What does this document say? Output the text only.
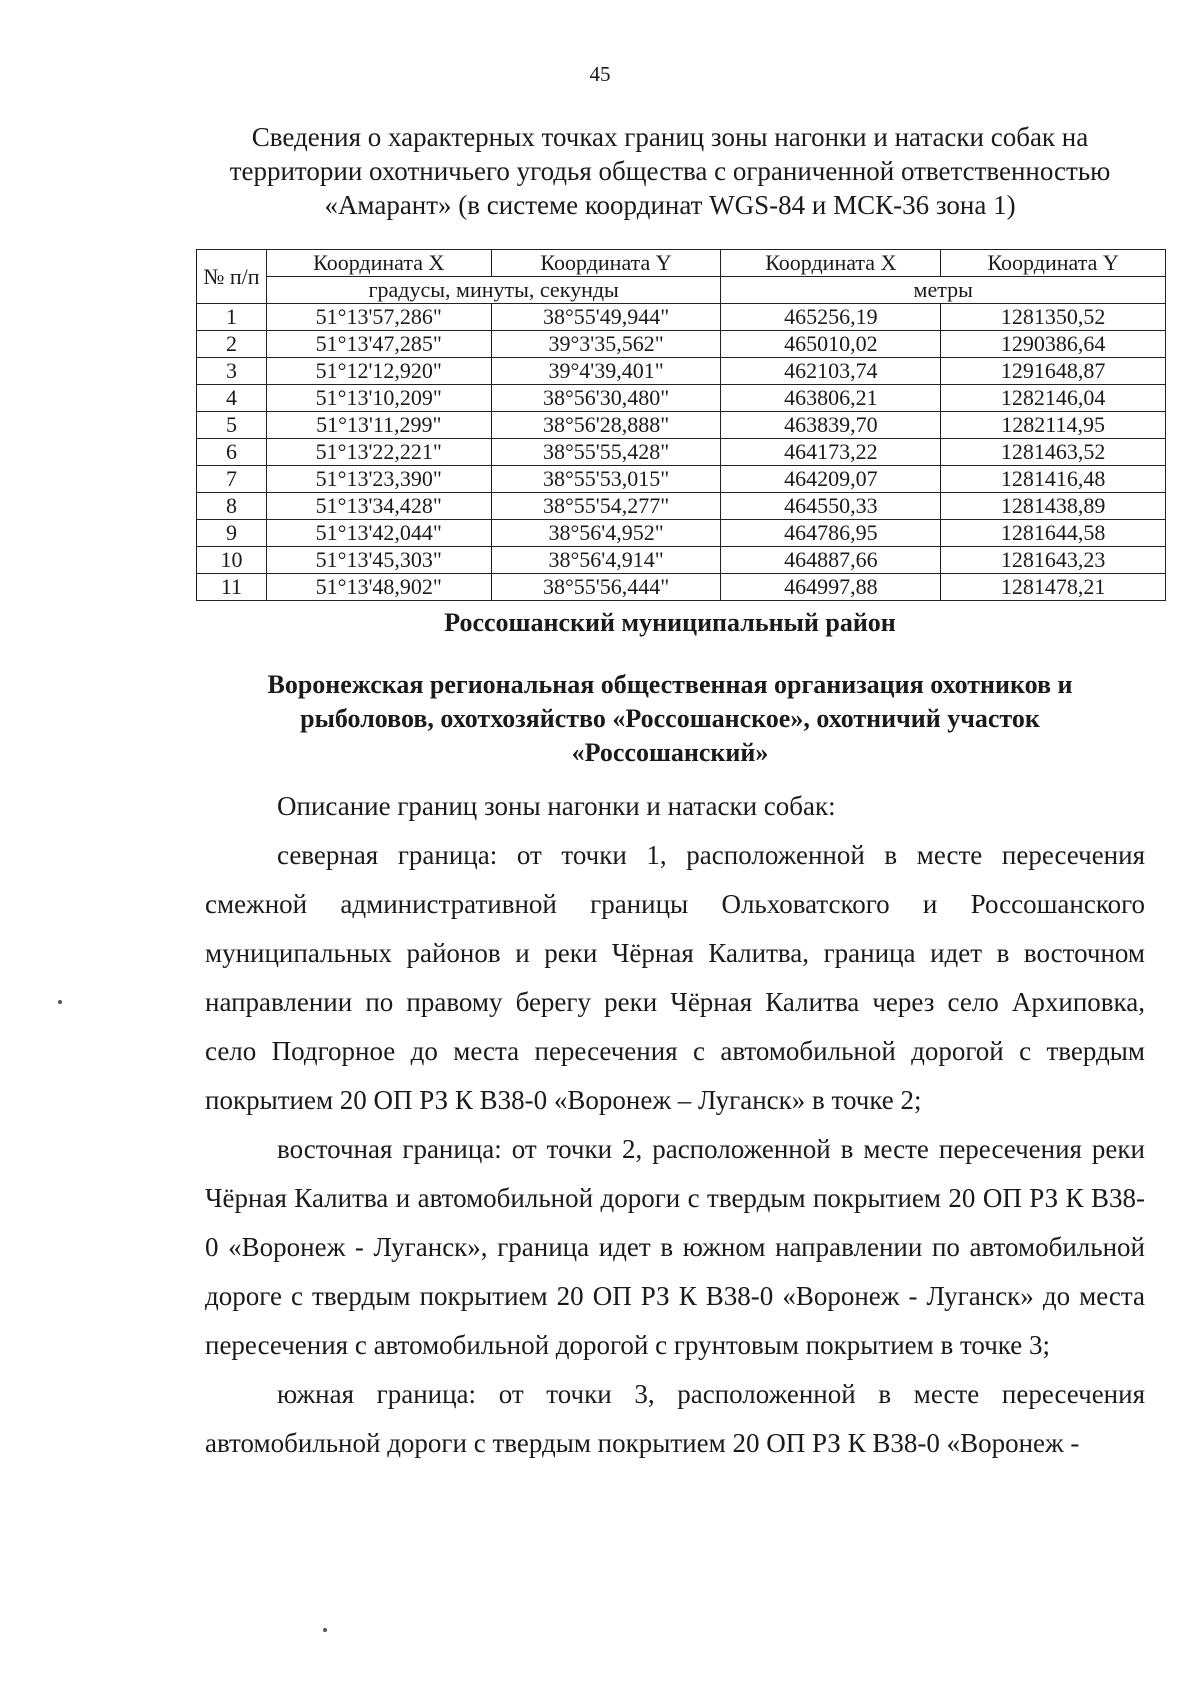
45
Сведения о характерных точках границ зоны нагонки и натаски собак на территории охотничьего угодья общества с ограниченной ответственностью «Амарант» (в системе координат WGS-84 и МСК-36 зона 1)
№ п/п	Координата X	Координата Y	Координата X	Координата Y
	градусы, минуты, секунды		метры	
1	51°13'57,286"	38°55'49,944"	465256,19	1281350,52
2	51°13'47,285"	39°3'35,562"	465010,02	1290386,64
3	51°12'12,920"	39°4'39,401"	462103,74	1291648,87
4	51°13'10,209"	38°56'30,480"	463806,21	1282146,04
5	51°13'11,299"	38°56'28,888"	463839,70	1282114,95
6	51°13'22,221"	38°55'55,428"	464173,22	1281463,52
7	51°13'23,390"	38°55'53,015"	464209,07	1281416,48
8	51°13'34,428"	38°55'54,277"	464550,33	1281438,89
9	51°13'42,044"	38°56'4,952"	464786,95	1281644,58
10	51°13'45,303"	38°56'4,914"	464887,66	1281643,23
11	51°13'48,902"	38°55'56,444"	464997,88	1281478,21
Россошанский муниципальный район
Воронежская региональная общественная организация охотников и рыболовов, охотхозяйство «Россошанское», охотничий участок «Россошанский»

Описание границ зоны нагонки и натаски собак:

северная граница: от точки 1, расположенной в месте пересечения смежной административной границы Ольховатского и Россошанского муниципальных районов и реки Чёрная Калитва, граница идет в восточном направлении по правому берегу реки Чёрная Калитва через село Архиповка, село Подгорное до места пересечения с автомобильной дорогой с твердым покрытием 20 ОП РЗ К В38-0 «Воронеж – Луганск» в точке 2;

восточная граница: от точки 2, расположенной в месте пересечения реки Чёрная Калитва и автомобильной дороги с твердым покрытием 20 ОП РЗ К В38-0 «Воронеж - Луганск», граница идет в южном направлении по автомобильной дороге с твердым покрытием 20 ОП РЗ К В38-0 «Воронеж - Луганск» до места пересечения с автомобильной дорогой с грунтовым покрытием в точке 3;

южная граница: от точки 3, расположенной в месте пересечения автомобильной дороги с твердым покрытием 20 ОП РЗ К В38-0 «Воронеж -
